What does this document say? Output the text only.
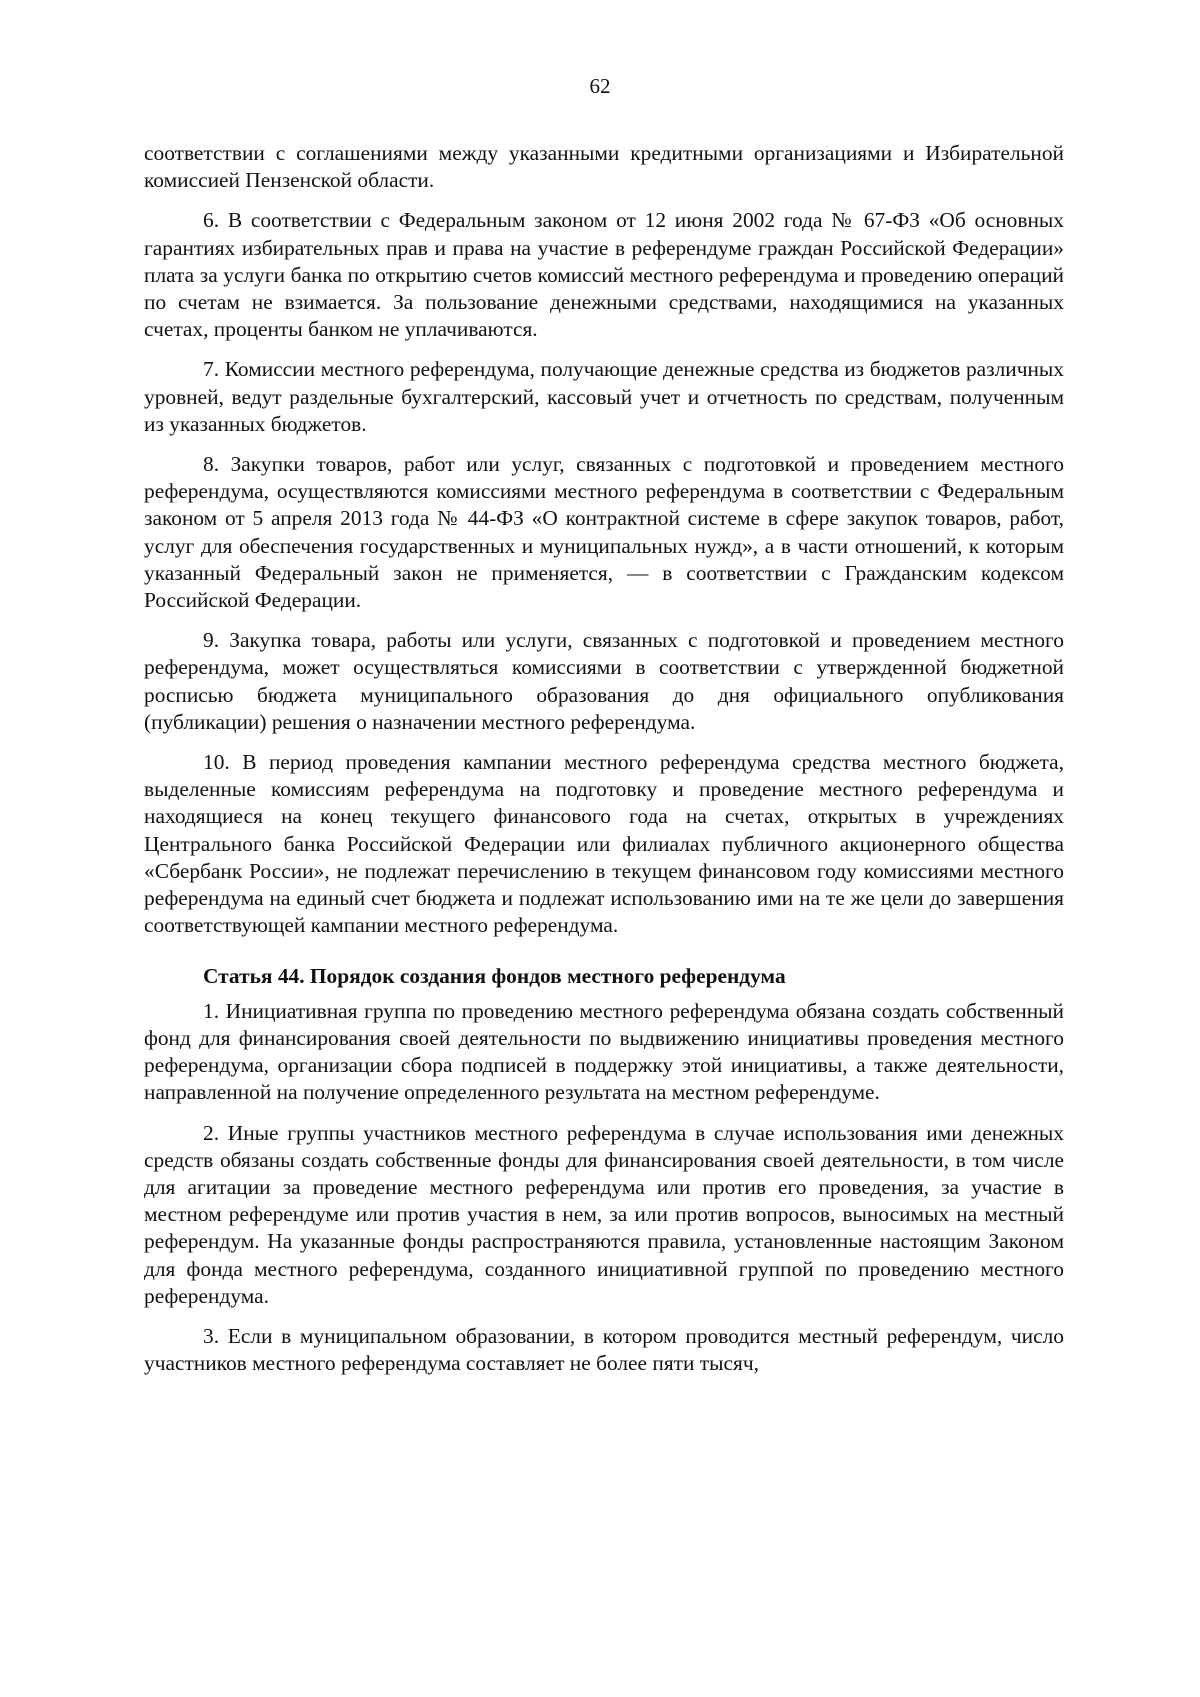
62

соответствии с соглашениями между указанными кредитными организациями и Избирательной комиссией Пензенской области.

6. В соответствии с Федеральным законом от 12 июня 2002 года № 67-ФЗ «Об основных гарантиях избирательных прав и права на участие в референдуме граждан Российской Федерации» плата за услуги банка по открытию счетов комиссий местного референдума и проведению операций по счетам не взимается. За пользование денежными средствами, находящимися на указанных счетах, проценты банком не уплачиваются.

7. Комиссии местного референдума, получающие денежные средства из бюджетов различных уровней, ведут раздельные бухгалтерский, кассовый учет и отчетность по средствам, полученным из указанных бюджетов.

8. Закупки товаров, работ или услуг, связанных с подготовкой и проведением местного референдума, осуществляются комиссиями местного референдума в соответствии с Федеральным законом от 5 апреля 2013 года № 44-ФЗ «О контрактной системе в сфере закупок товаров, работ, услуг для обеспечения государственных и муниципальных нужд», а в части отношений, к которым указанный Федеральный закон не применяется, — в соответствии с Гражданским кодексом Российской Федерации.

9. Закупка товара, работы или услуги, связанных с подготовкой и проведением местного референдума, может осуществляться комиссиями в соответствии с утвержденной бюджетной росписью бюджета муниципального образования до дня официального опубликования (публикации) решения о назначении местного референдума.

10. В период проведения кампании местного референдума средства местного бюджета, выделенные комиссиям референдума на подготовку и проведение местного референдума и находящиеся на конец текущего финансового года на счетах, открытых в учреждениях Центрального банка Российской Федерации или филиалах публичного акционерного общества «Сбербанк России», не подлежат перечислению в текущем финансовом году комиссиями местного референдума на единый счет бюджета и подлежат использованию ими на те же цели до завершения соответствующей кампании местного референдума.

Статья 44. Порядок создания фондов местного референдума

1. Инициативная группа по проведению местного референдума обязана создать собственный фонд для финансирования своей деятельности по выдвижению инициативы проведения местного референдума, организации сбора подписей в поддержку этой инициативы, а также деятельности, направленной на получение определенного результата на местном референдуме.

2. Иные группы участников местного референдума в случае использования ими денежных средств обязаны создать собственные фонды для финансирования своей деятельности, в том числе для агитации за проведение местного референдума или против его проведения, за участие в местном референдуме или против участия в нем, за или против вопросов, выносимых на местный референдум. На указанные фонды распространяются правила, установленные настоящим Законом для фонда местного референдума, созданного инициативной группой по проведению местного референдума.

3. Если в муниципальном образовании, в котором проводится местный референдум, число участников местного референдума составляет не более пяти тысяч,
